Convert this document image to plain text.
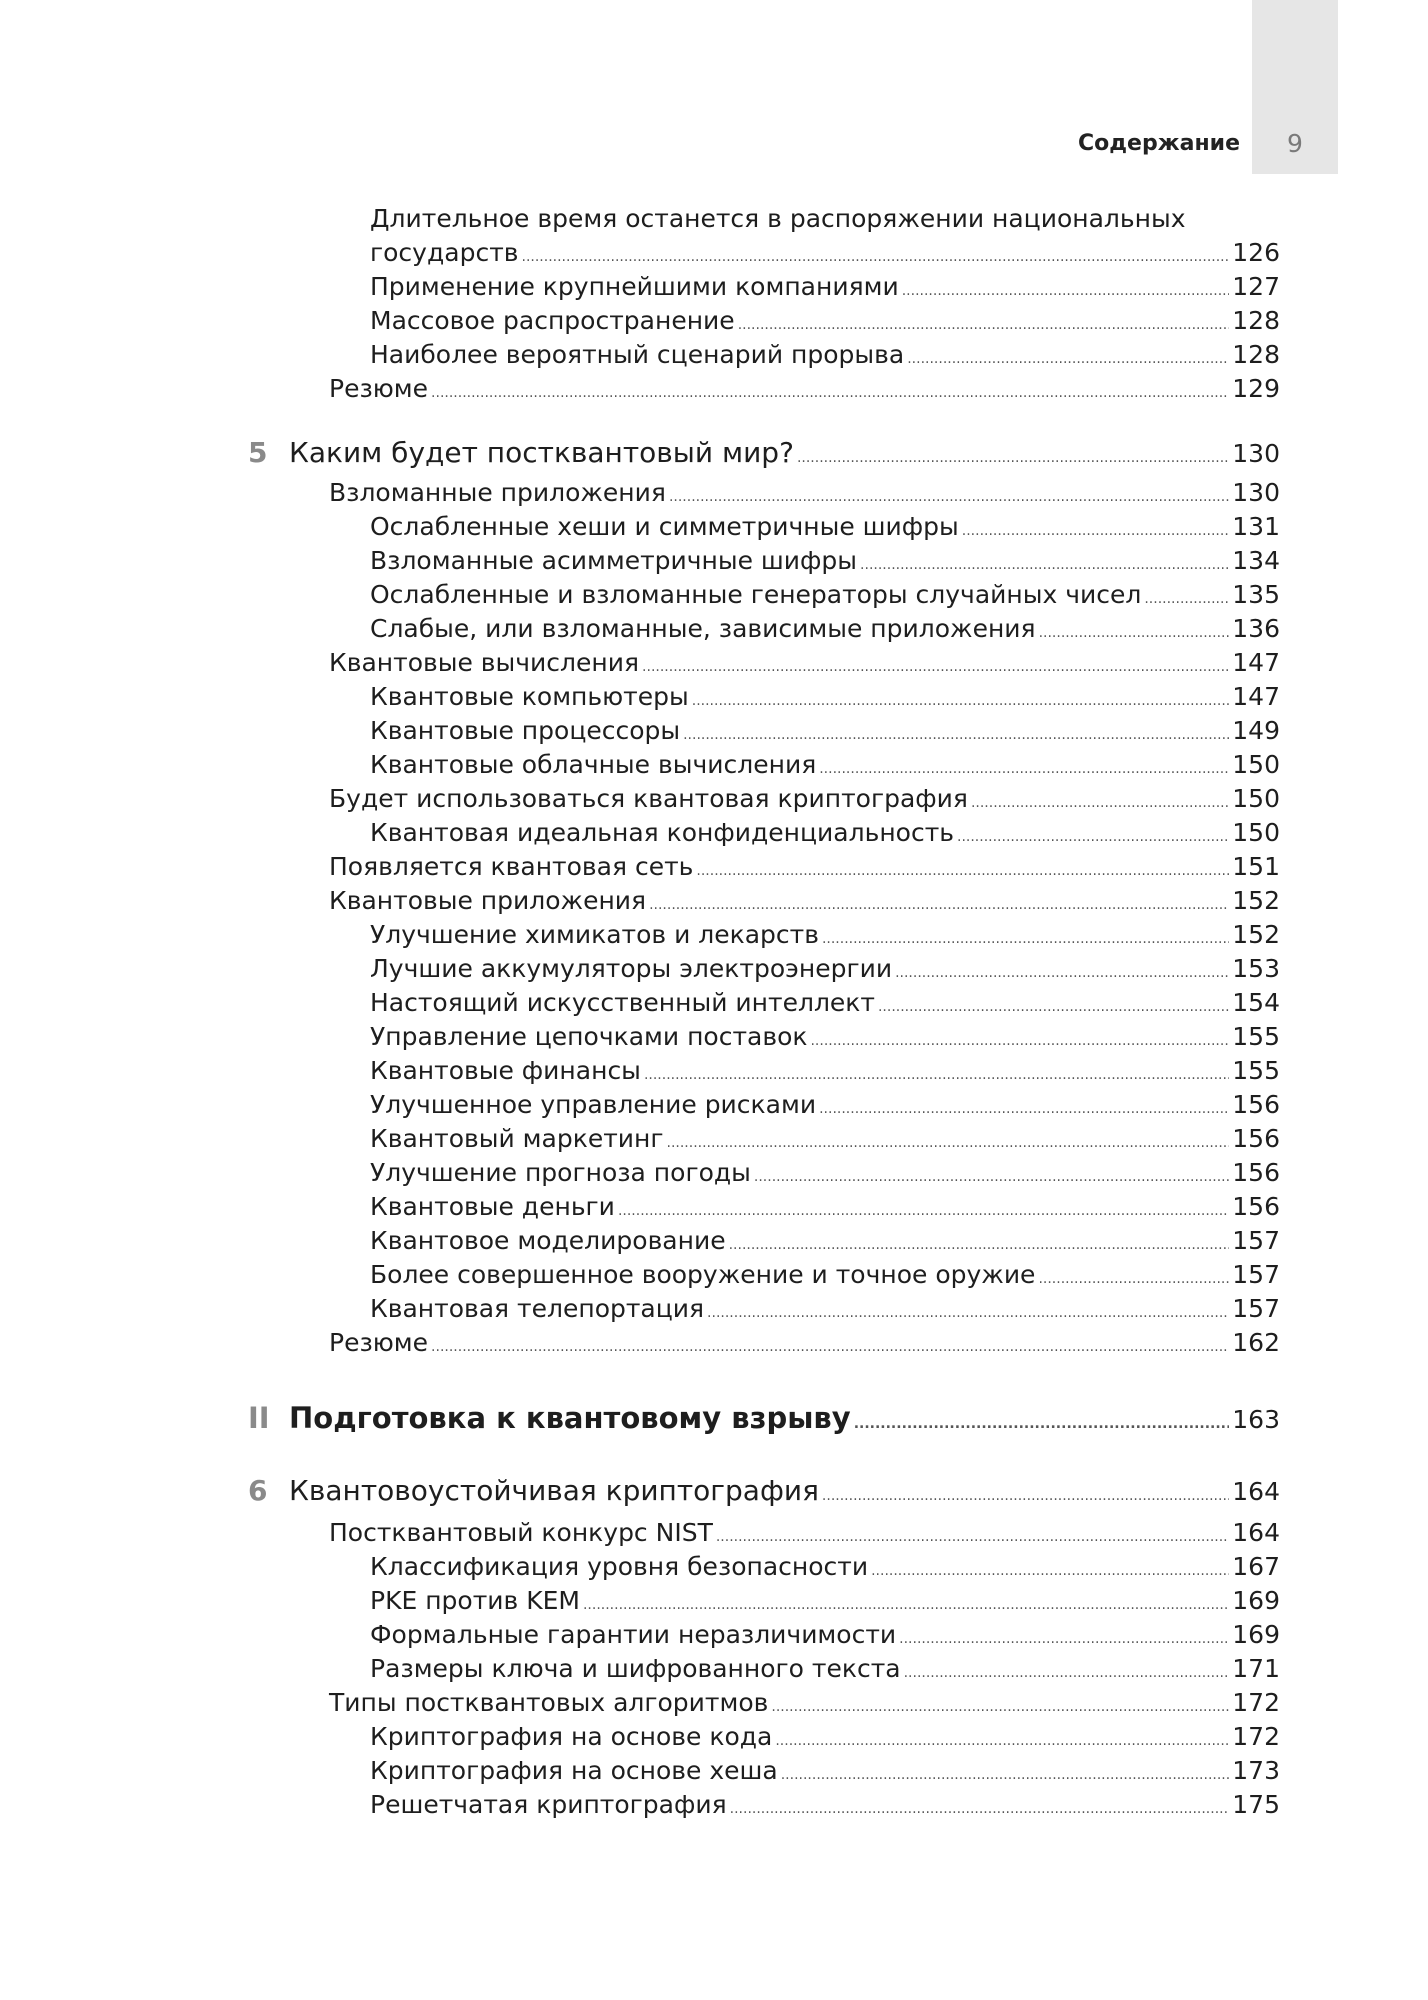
9
Содержание
Длительное время останется в распоряжении национальных
государств .....	126
Применение крупнейшими компаниями .....	127
Массовое распространение .....	128
Наиболее вероятный сценарий прорыва .....	128
Резюме .....	129
5 Каким будет постквантовый мир? .....	130
Взломанные приложения .....	130
Ослабленные хеши и симметричные шифры .....	131
Взломанные асимметричные шифры .....	134
Ослабленные и взломанные генераторы случайных чисел .....	135
Слабые, или взломанные, зависимые приложения .....	136
Квантовые вычисления .....	147
Квантовые компьютеры .....	147
Квантовые процессоры .....	149
Квантовые облачные вычисления .....	150
Будет использоваться квантовая криптография .....	150
Квантовая идеальная конфиденциальность .....	150
Появляется квантовая сеть .....	151
Квантовые приложения .....	152
Улучшение химикатов и лекарств .....	152
Лучшие аккумуляторы электроэнергии .....	153
Настоящий искусственный интеллект .....	154
Управление цепочками поставок .....	155
Квантовые финансы .....	155
Улучшенное управление рисками .....	156
Квантовый маркетинг .....	156
Улучшение прогноза погоды .....	156
Квантовые деньги .....	156
Квантовое моделирование .....	157
Более совершенное вооружение и точное оружие .....	157
Квантовая телепортация .....	157
Резюме .....	162
II Подготовка к квантовому взрыву .....	163
6 Квантовоустойчивая криптография .....	164
Постквантовый конкурс NIST .....	164
Классификация уровня безопасности .....	167
PKE против KEM .....	169
Формальные гарантии неразличимости .....	169
Размеры ключа и шифрованного текста .....	171
Типы постквантовых алгоритмов .....	172
Криптография на основе кода .....	172
Криптография на основе хеша .....	173
Решетчатая криптография .....	175
